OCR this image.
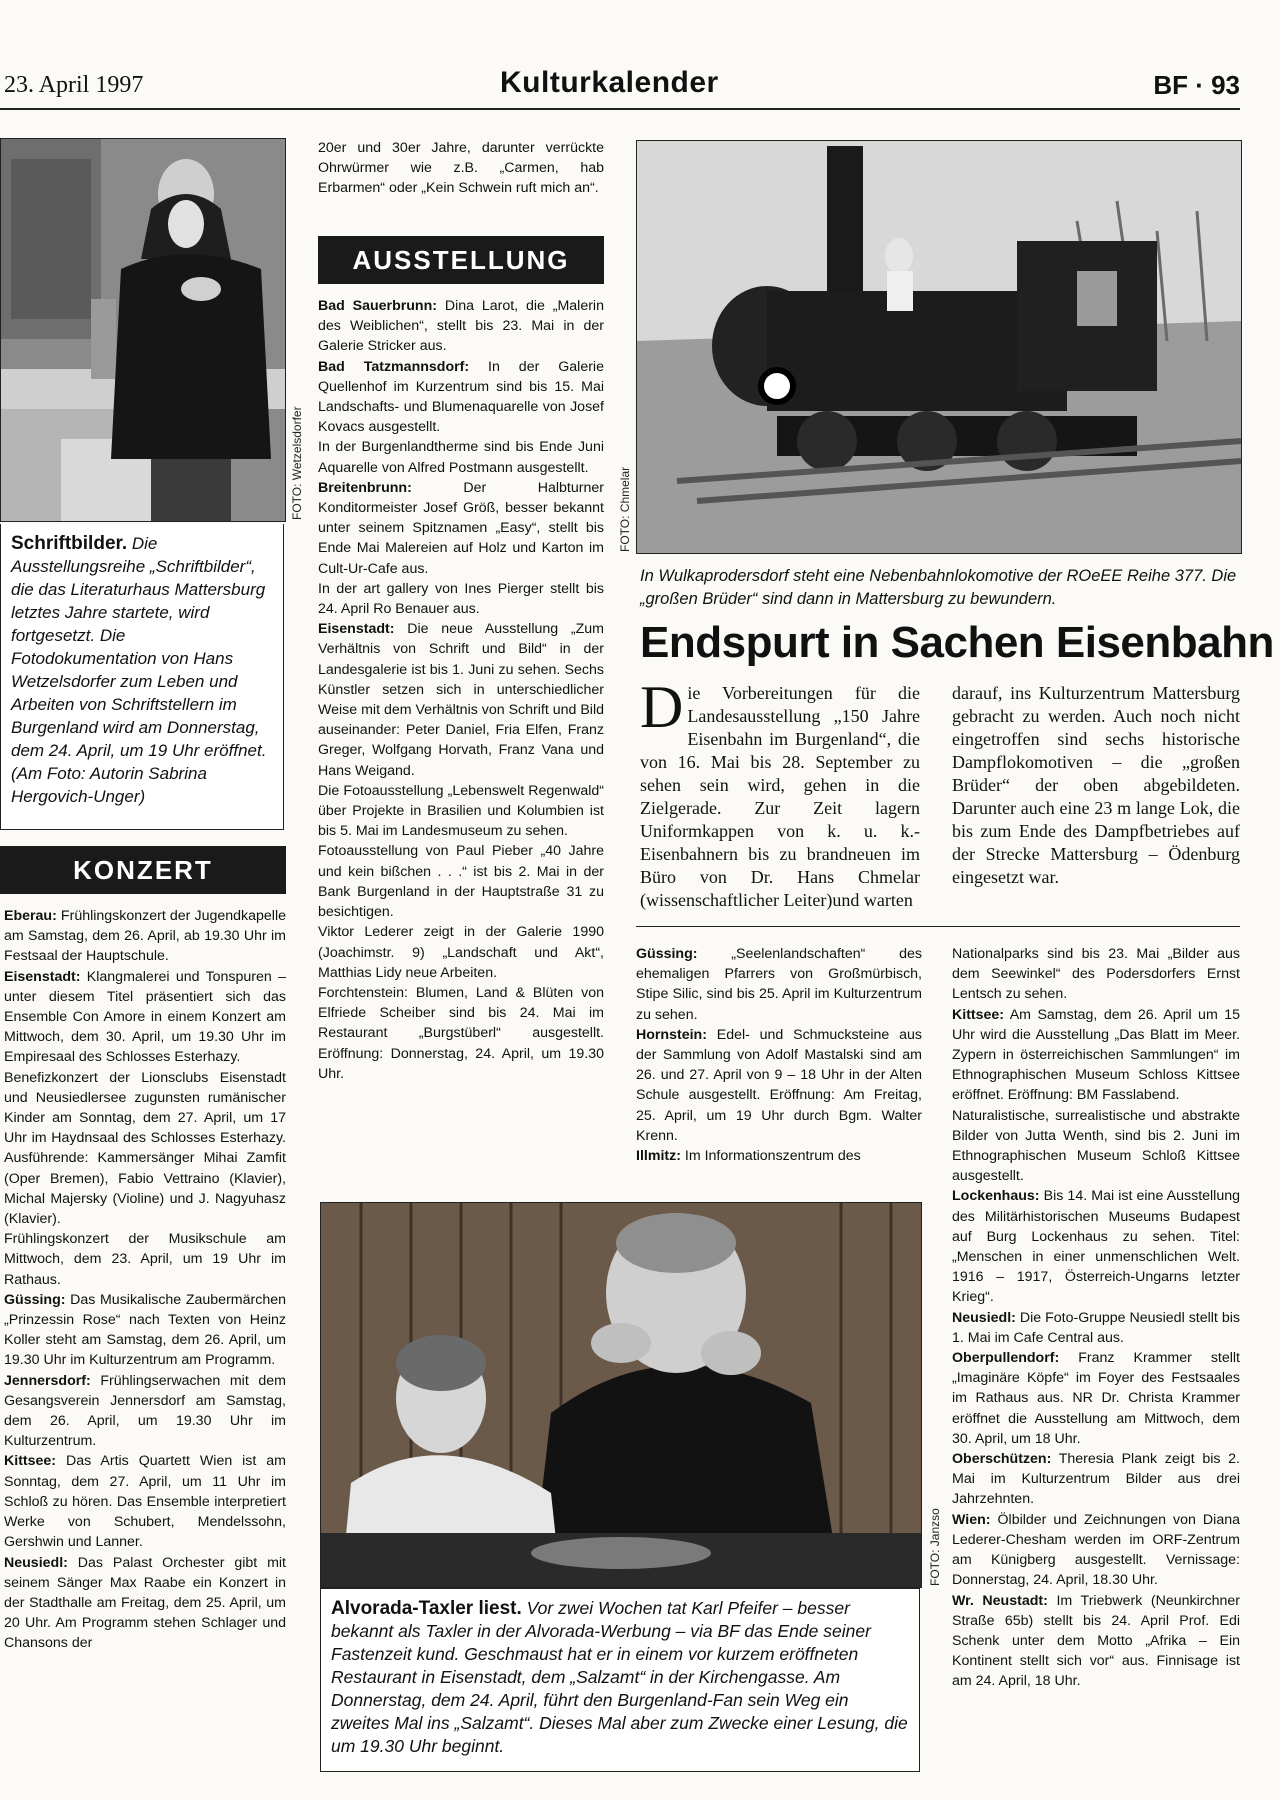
23. April 1997	Kulturkalender	BF · 93
FOTO: Wetzelsdorfer
Schriftbilder. Die Ausstellungsreihe „Schriftbilder“, die das Literaturhaus Mattersburg letztes Jahre startete, wird fortgesetzt. Die Fotodokumentation von Hans Wetzelsdorfer zum Leben und Arbeiten von Schriftstellern im Burgenland wird am Donnerstag, dem 24. April, um 19 Uhr eröffnet. (Am Foto: Autorin Sabrina Hergovich-Unger)
KONZERT

Eberau: Frühlingskonzert der Jugendkapelle am Samstag, dem 26. April, ab 19.30 Uhr im Festsaal der Hauptschule.

Eisenstadt: Klangmalerei und Tonspuren – unter diesem Titel präsentiert sich das Ensemble Con Amore in einem Konzert am Mittwoch, dem 30. April, um 19.30 Uhr im Empiresaal des Schlosses Esterhazy.

Benefizkonzert der Lionsclubs Eisenstadt und Neusiedlersee zugunsten rumänischer Kinder am Sonntag, dem 27. April, um 17 Uhr im Haydnsaal des Schlosses Esterhazy. Ausführende: Kammersänger Mihai Zamfit (Oper Bremen), Fabio Vettraino (Klavier), Michal Majersky (Violine) und J. Nagyuhasz (Klavier).

Frühlingskonzert der Musikschule am Mittwoch, dem 23. April, um 19 Uhr im Rathaus.

Güssing: Das Musikalische Zaubermärchen „Prinzessin Rose“ nach Texten von Heinz Koller steht am Samstag, dem 26. April, um 19.30 Uhr im Kulturzentrum am Programm.

Jennersdorf: Frühlingserwachen mit dem Gesangsverein Jennersdorf am Samstag, dem 26. April, um 19.30 Uhr im Kulturzentrum.

Kittsee: Das Artis Quartett Wien ist am Sonntag, dem 27. April, um 11 Uhr im Schloß zu hören. Das Ensemble interpretiert Werke von Schubert, Mendelssohn, Gershwin und Lanner.

Neusiedl: Das Palast Orchester gibt mit seinem Sänger Max Raabe ein Konzert in der Stadthalle am Freitag, dem 25. April, um 20 Uhr. Am Programm stehen Schlager und Chansons der

20er und 30er Jahre, darunter verrückte Ohrwürmer wie z.B. „Carmen, hab Erbarmen“ oder „Kein Schwein ruft mich an“.

AUSSTELLUNG

Bad Sauerbrunn: Dina Larot, die „Malerin des Weiblichen“, stellt bis 23. Mai in der Galerie Stricker aus.

Bad Tatzmannsdorf: In der Galerie Quellenhof im Kurzentrum sind bis 15. Mai Landschafts- und Blumenaquarelle von Josef Kovacs ausgestellt.

In der Burgenlandtherme sind bis Ende Juni Aquarelle von Alfred Postmann ausgestellt.

Breitenbrunn:	Der Halbturner Konditormeister Josef Größ, besser bekannt unter seinem Spitznamen „Easy“, stellt bis Ende Mai Malereien auf Holz und Karton im Cult-Ur-Cafe aus.

In der art gallery von Ines Pierger stellt bis 24. April Ro Benauer aus.

Eisenstadt: Die neue Ausstellung „Zum Verhältnis von Schrift und Bild“ in der Landesgalerie ist bis 1. Juni zu sehen. Sechs Künstler setzen sich in unterschiedlicher Weise mit dem Verhältnis von Schrift und Bild auseinander: Peter Daniel, Fria Elfen, Franz Greger, Wolfgang Horvath, Franz Vana und Hans Weigand.

Die Fotoausstellung „Lebenswelt Regenwald“ über Projekte in Brasilien und Kolumbien ist bis 5. Mai im Landesmuseum zu sehen.

Fotoausstellung von Paul Pieber „40 Jahre und kein bißchen . . .“ ist bis 2. Mai in der Bank Burgenland in der Hauptstraße 31 zu besichtigen.

Viktor Lederer zeigt in der Galerie 1990 (Joachimstr. 9) „Landschaft und Akt“, Matthias Lidy neue Arbeiten.

Forchtenstein: Blumen, Land & Blüten von Elfriede Scheiber sind bis 24. Mai im Restaurant „Burgstüberl“ ausgestellt. Eröffnung: Donnerstag, 24. April, um 19.30 Uhr.

FOTO: Chmelar
In Wulkaprodersdorf steht eine Nebenbahnlokomotive der ROeEE Reihe 377. Die „großen Brüder“ sind dann in Mattersburg zu bewundern.
Endspurt in Sachen Eisenbahn
Die Vorbereitungen für die Landesausstellung „150 Jahre Eisenbahn im Burgenland“, die von 16. Mai bis 28. September zu sehen sein wird, gehen in die Zielgerade. Zur Zeit lagern Uniformkappen von k. u. k.-Eisenbahnern bis zu brandneuen im Büro von Dr. Hans Chmelar (wissenschaftlicher Leiter)und warten
darauf, ins Kulturzentrum Mattersburg gebracht zu werden. Auch noch nicht eingetroffen sind sechs historische Dampflokomotiven – die „großen Brüder“ der oben abgebildeten. Darunter auch eine 23 m lange Lok, die bis zum Ende des Dampfbetriebes auf der Strecke Mattersburg – Ödenburg eingesetzt war.

Güssing: „Seelenlandschaften“ des ehemaligen Pfarrers von Großmürbisch, Stipe Silic, sind bis 25. April im Kulturzentrum zu sehen.

Hornstein: Edel- und Schmucksteine aus der Sammlung von Adolf Mastalski sind am 26. und 27. April von 9 – 18 Uhr in der Alten Schule ausgestellt. Eröffnung: Am Freitag, 25. April, um 19 Uhr durch Bgm. Walter Krenn.

Illmitz: Im Informationszentrum des

Nationalparks sind bis 23. Mai „Bilder aus dem Seewinkel“ des Podersdorfers Ernst Lentsch zu sehen.

Kittsee: Am Samstag, dem 26. April um 15 Uhr wird die Ausstellung „Das Blatt im Meer. Zypern in österreichischen Sammlungen“ im Ethnographischen Museum Schloss Kittsee eröffnet. Eröffnung: BM Fasslabend.

Naturalistische, surrealistische und abstrakte Bilder von Jutta Wenth, sind bis 2. Juni im Ethnographischen Museum Schloß Kittsee ausgestellt.

Lockenhaus: Bis 14. Mai ist eine Ausstellung des Militärhistorischen Museums Budapest auf Burg Lockenhaus zu sehen. Titel: „Menschen in einer unmenschlichen Welt. 1916 – 1917, Österreich-Ungarns letzter Krieg“.

Neusiedl: Die Foto-Gruppe Neusiedl stellt bis 1. Mai im Cafe Central aus.

Oberpullendorf: Franz Krammer stellt „Imaginäre Köpfe“ im Foyer des Festsaales im Rathaus aus. NR Dr. Christa Krammer eröffnet die Ausstellung am Mittwoch, dem 30. April, um 18 Uhr.

Oberschützen: Theresia Plank zeigt bis 2. Mai im Kulturzentrum Bilder aus drei Jahrzehnten.

Wien: Ölbilder und Zeichnungen von Diana Lederer-Chesham werden im ORF-Zentrum am Künigberg ausgestellt. Vernissage: Donnerstag, 24. April, 18.30 Uhr.

Wr. Neustadt: Im Triebwerk (Neunkirchner Straße 65b) stellt bis 24. April Prof. Edi Schenk unter dem Motto „Afrika – Ein Kontinent stellt sich vor“ aus. Finnisage ist am 24. April, 18 Uhr.

FOTO: Janzso
Alvorada-Taxler liest. Vor zwei Wochen tat Karl Pfeifer – besser bekannt als Taxler in der Alvorada-Werbung – via BF das Ende seiner Fastenzeit kund. Geschmaust hat er in einem vor kurzem eröffneten Restaurant in Eisenstadt, dem „Salzamt“ in der Kirchengasse. Am Donnerstag, dem 24. April, führt den Burgenland-Fan sein Weg ein zweites Mal ins „Salzamt“. Dieses Mal aber zum Zwecke einer Lesung, die um 19.30 Uhr beginnt.
